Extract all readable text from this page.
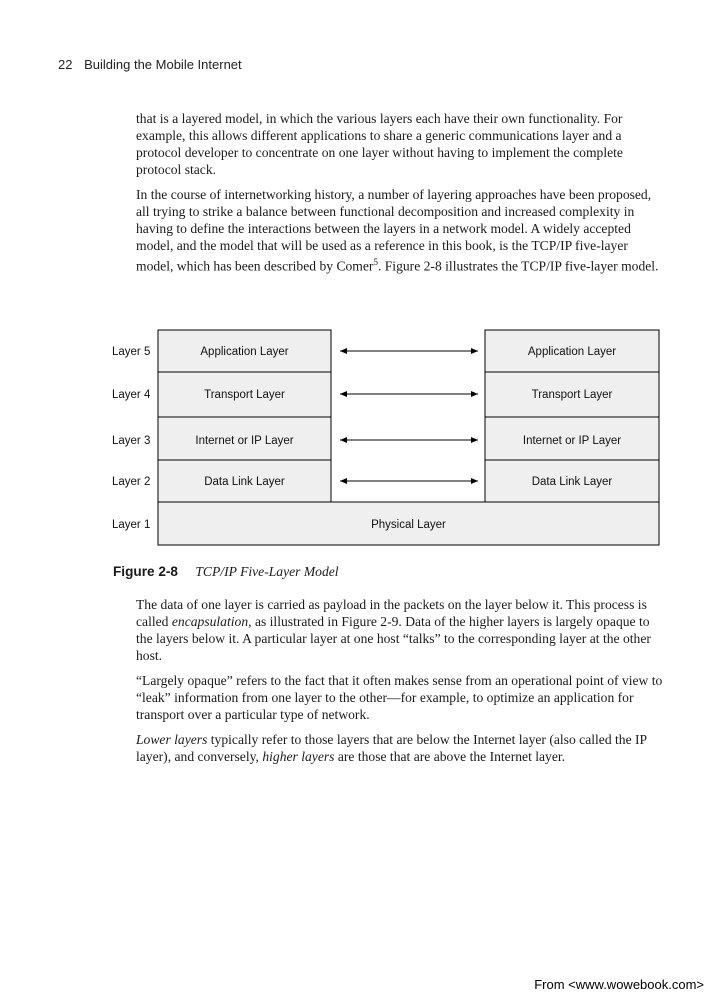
22 Building the Mobile Internet

that is a layered model, in which the various layers each have their own functionality. For example, this allows different applications to share a generic communications layer and a protocol developer to concentrate on one layer without having to implement the complete protocol stack.

In the course of internetworking history, a number of layering approaches have been proposed, all trying to strike a balance between functional decomposition and increased complexity in having to define the interactions between the layers in a network model. A widely accepted model, and the model that will be used as a reference in this book, is the TCP/IP five-layer model, which has been described by Comer$^5$. Figure 2-8 illustrates the TCP/IP five-layer model.

Layer 5
Layer 4
Layer 3
Layer 2
Layer 1
Application Layer
Transport Layer
Internet or IP Layer
Data Link Layer
Application Layer
Transport Layer
Internet or IP Layer
Data Link Layer
Physical Layer
Figure 2-8 TCP/IP Five-Layer Model

The data of one layer is carried as payload in the packets on the layer below it. This process is called encapsulation, as illustrated in Figure 2-9. Data of the higher layers is largely opaque to the layers below it. A particular layer at one host “talks” to the corresponding layer at the other host.

“Largely opaque” refers to the fact that it often makes sense from an operational point of view to “leak” information from one layer to the other—for example, to optimize an application for transport over a particular type of network.

Lower layers typically refer to those layers that are below the Internet layer (also called the IP layer), and conversely, higher layers are those that are above the Internet layer.

From <www.wowebook.com>
